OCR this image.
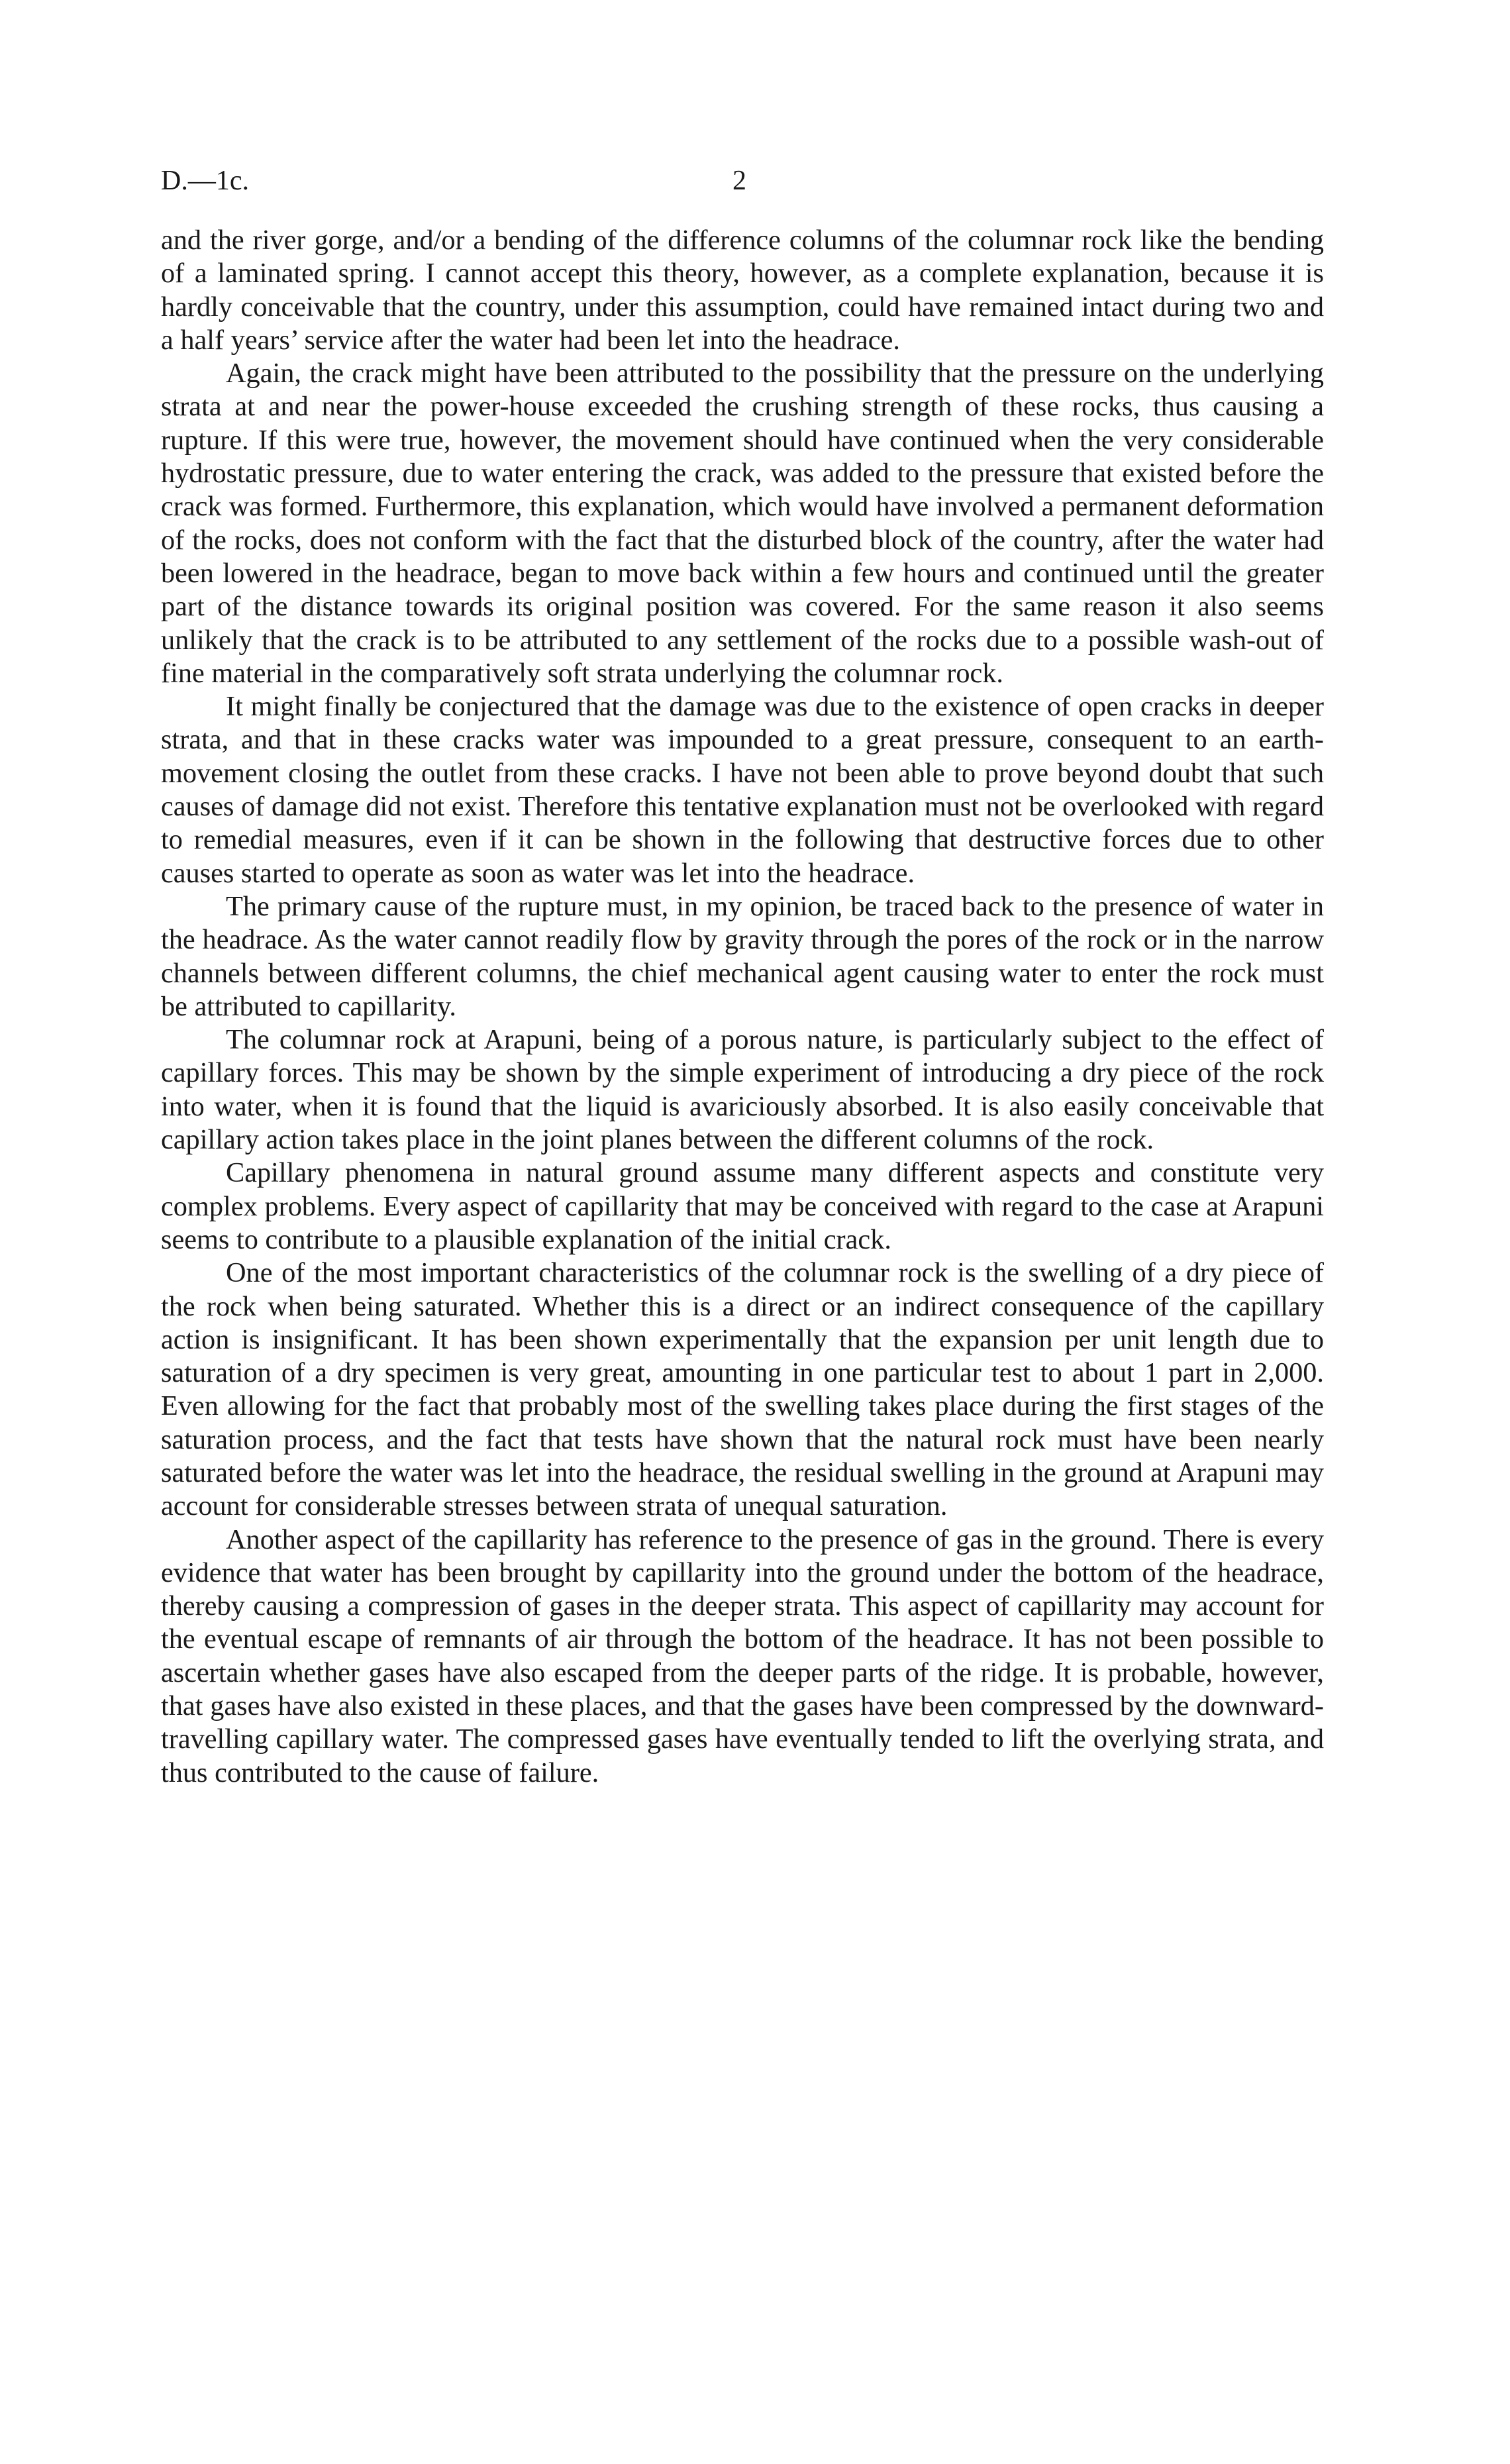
D.—1c.	2

and the river gorge, and/or a bending of the difference columns of the columnar rock like the bending of a laminated spring. I cannot accept this theory, however, as a complete explanation, because it is hardly conceivable that the country, under this assumption, could have remained intact during two and a half years’ service after the water had been let into the headrace.

Again, the crack might have been attributed to the possibility that the pressure on the underlying strata at and near the power-house exceeded the crushing strength of these rocks, thus causing a rupture. If this were true, however, the movement should have continued when the very considerable hydrostatic pressure, due to water entering the crack, was added to the pressure that existed before the crack was formed. Furthermore, this explanation, which would have involved a permanent deformation of the rocks, does not conform with the fact that the disturbed block of the country, after the water had been lowered in the headrace, began to move back within a few hours and continued until the greater part of the distance towards its original position was covered. For the same reason it also seems unlikely that the crack is to be attributed to any settlement of the rocks due to a possible wash-out of fine material in the comparatively soft strata underlying the columnar rock.

It might finally be conjectured that the damage was due to the existence of open cracks in deeper strata, and that in these cracks water was impounded to a great pressure, consequent to an earth-movement closing the outlet from these cracks. I have not been able to prove beyond doubt that such causes of damage did not exist. Therefore this tentative explanation must not be overlooked with regard to remedial measures, even if it can be shown in the following that destructive forces due to other causes started to operate as soon as water was let into the headrace.

The primary cause of the rupture must, in my opinion, be traced back to the presence of water in the headrace. As the water cannot readily flow by gravity through the pores of the rock or in the narrow channels between different columns, the chief mechanical agent causing water to enter the rock must be attributed to capillarity.

The columnar rock at Arapuni, being of a porous nature, is particularly subject to the effect of capillary forces. This may be shown by the simple experiment of introducing a dry piece of the rock into water, when it is found that the liquid is avariciously absorbed. It is also easily conceivable that capillary action takes place in the joint planes between the different columns of the rock.

Capillary phenomena in natural ground assume many different aspects and constitute very complex problems. Every aspect of capillarity that may be conceived with regard to the case at Arapuni seems to contribute to a plausible explanation of the initial crack.

One of the most important characteristics of the columnar rock is the swelling of a dry piece of the rock when being saturated. Whether this is a direct or an indirect consequence of the capillary action is insignificant. It has been shown experimentally that the expansion per unit length due to saturation of a dry specimen is very great, amounting in one particular test to about 1 part in 2,000. Even allowing for the fact that probably most of the swelling takes place during the first stages of the saturation process, and the fact that tests have shown that the natural rock must have been nearly saturated before the water was let into the headrace, the residual swelling in the ground at Arapuni may account for considerable stresses between strata of unequal saturation.

Another aspect of the capillarity has reference to the presence of gas in the ground. There is every evidence that water has been brought by capillarity into the ground under the bottom of the headrace, thereby causing a compression of gases in the deeper strata. This aspect of capillarity may account for the eventual escape of remnants of air through the bottom of the headrace. It has not been possible to ascertain whether gases have also escaped from the deeper parts of the ridge. It is probable, however, that gases have also existed in these places, and that the gases have been compressed by the downward-travelling capillary water. The compressed gases have eventually tended to lift the overlying strata, and thus contributed to the cause of failure.
